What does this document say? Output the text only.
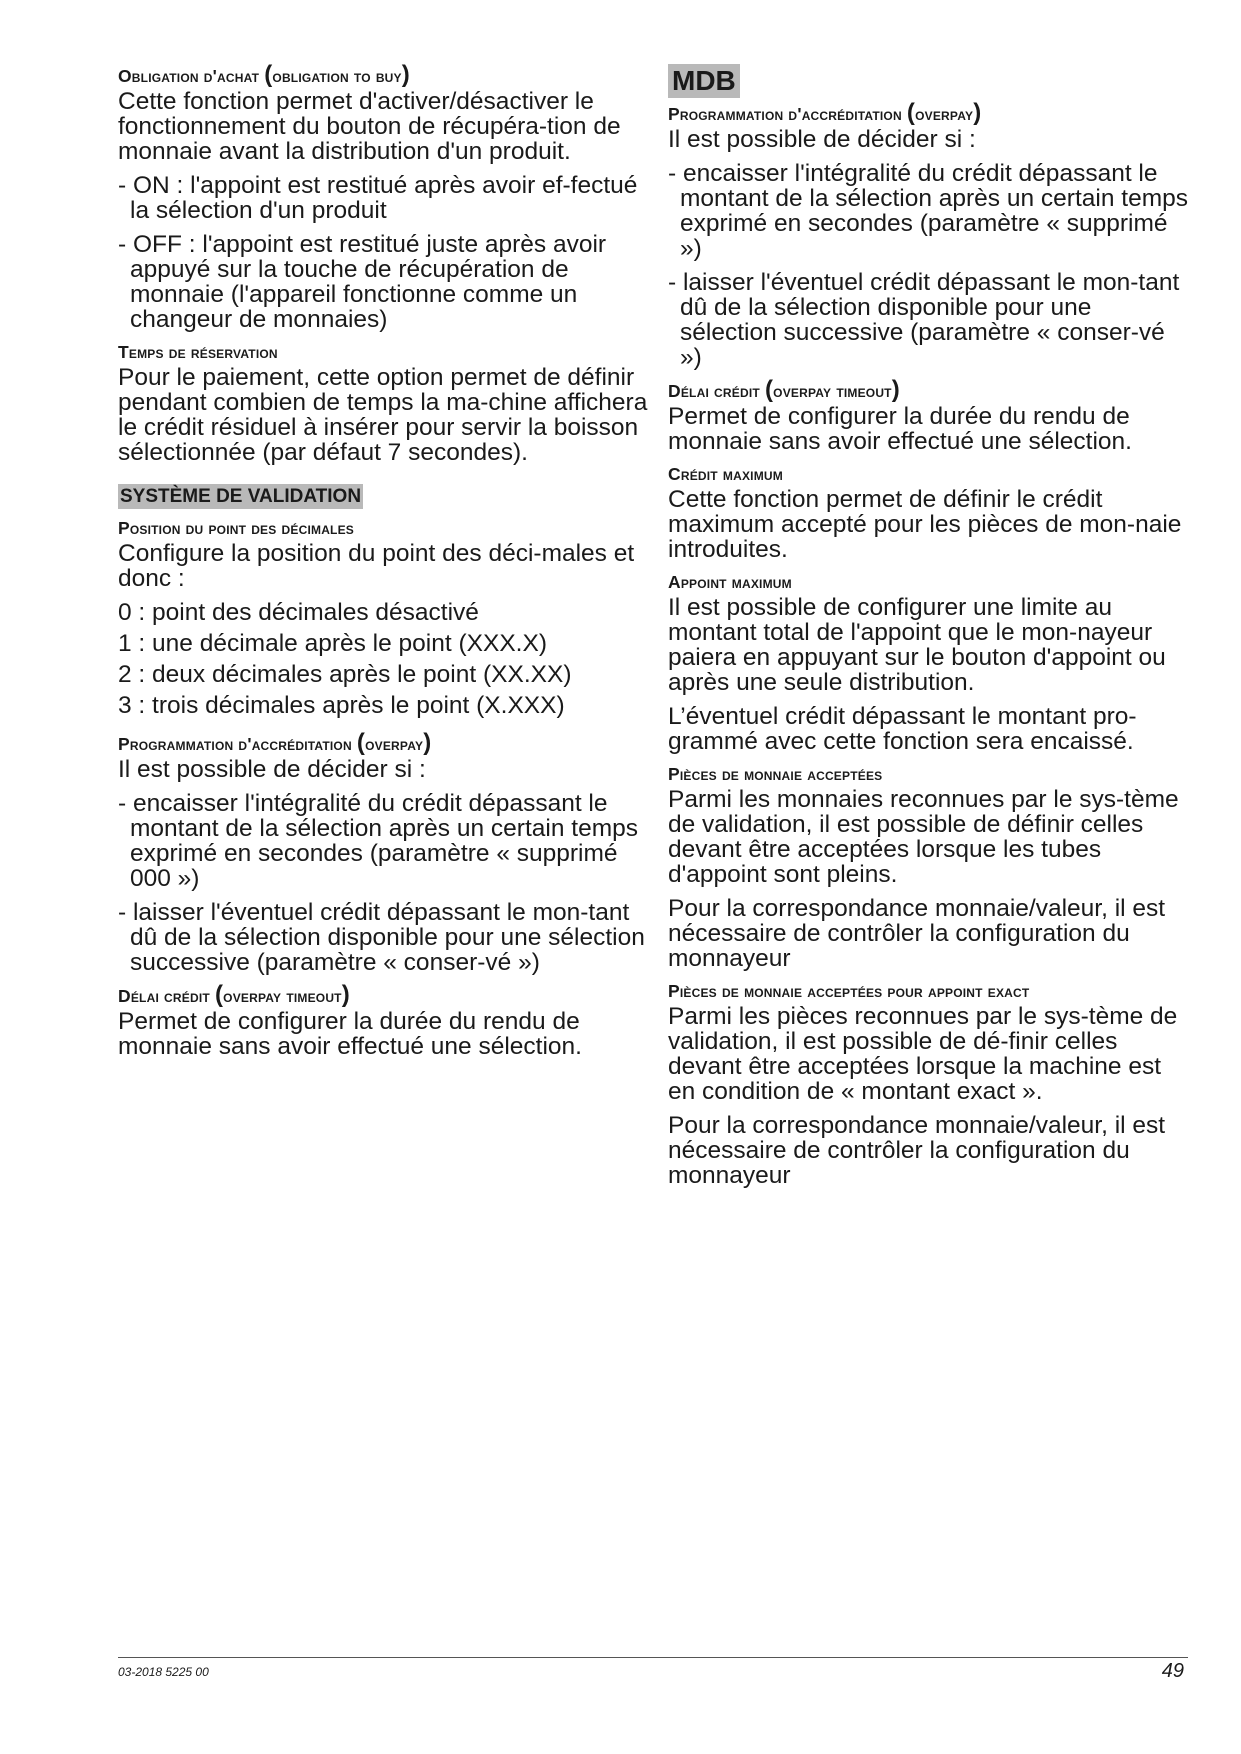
Obligation d'achat (obligation to buy)
Cette fonction permet d'activer/désactiver le fonctionnement du bouton de récupéra-tion de monnaie avant la distribution d'un produit.
- ON : l'appoint est restitué après avoir ef-fectué la sélection d'un produit
- OFF : l'appoint est restitué juste après avoir appuyé sur la touche de récupération de monnaie (l'appareil fonctionne comme un changeur de monnaies)
Temps de réservation
Pour le paiement, cette option permet de définir pendant combien de temps la ma-chine affichera le crédit résiduel à insérer pour servir la boisson sélectionnée (par défaut 7 secondes).
SYSTÈME DE VALIDATION
Position du point des décimales
Configure la position du point des déci-males et donc :
0 : point des décimales désactivé
1 : une décimale après le point (XXX.X)
2 : deux décimales après le point (XX.XX)
3 : trois décimales après le point (X.XXX)
Programmation d'accréditation (overpay)
Il est possible de décider si :
- encaisser l'intégralité du crédit dépassant le montant de la sélection après un certain temps exprimé en secondes (paramètre « supprimé 000 »)
- laisser l'éventuel crédit dépassant le mon-tant dû de la sélection disponible pour une sélection successive (paramètre « conser-vé »)
Délai crédit (overpay timeout)
Permet de configurer la durée du rendu de monnaie sans avoir effectué une sélection.
MDB
Programmation d'accréditation (overpay)
Il est possible de décider si :
- encaisser l'intégralité du crédit dépassant le montant de la sélection après un certain temps exprimé en secondes (paramètre « supprimé »)
- laisser l'éventuel crédit dépassant le mon-tant dû de la sélection disponible pour une sélection successive (paramètre « conser-vé »)
Délai crédit (overpay timeout)
Permet de configurer la durée du rendu de monnaie sans avoir effectué une sélection.
Crédit maximum
Cette fonction permet de définir le crédit maximum accepté pour les pièces de mon-naie introduites.
Appoint maximum
Il est possible de configurer une limite au montant total de l'appoint que le mon-nayeur paiera en appuyant sur le bouton d'appoint ou après une seule distribution.
L’éventuel crédit dépassant le montant pro-grammé avec cette fonction sera encaissé.
Pièces de monnaie acceptées
Parmi les monnaies reconnues par le sys-tème de validation, il est possible de définir celles devant être acceptées lorsque les tubes d'appoint sont pleins.
Pour la correspondance monnaie/valeur, il est nécessaire de contrôler la configuration du monnayeur
Pièces de monnaie acceptées pour appoint exact
Parmi les pièces reconnues par le sys-tème de validation, il est possible de dé-finir celles devant être acceptées lorsque la machine est en condition de « montant exact ».
Pour la correspondance monnaie/valeur, il est nécessaire de contrôler la configuration du monnayeur
03-2018 5225 00	49
